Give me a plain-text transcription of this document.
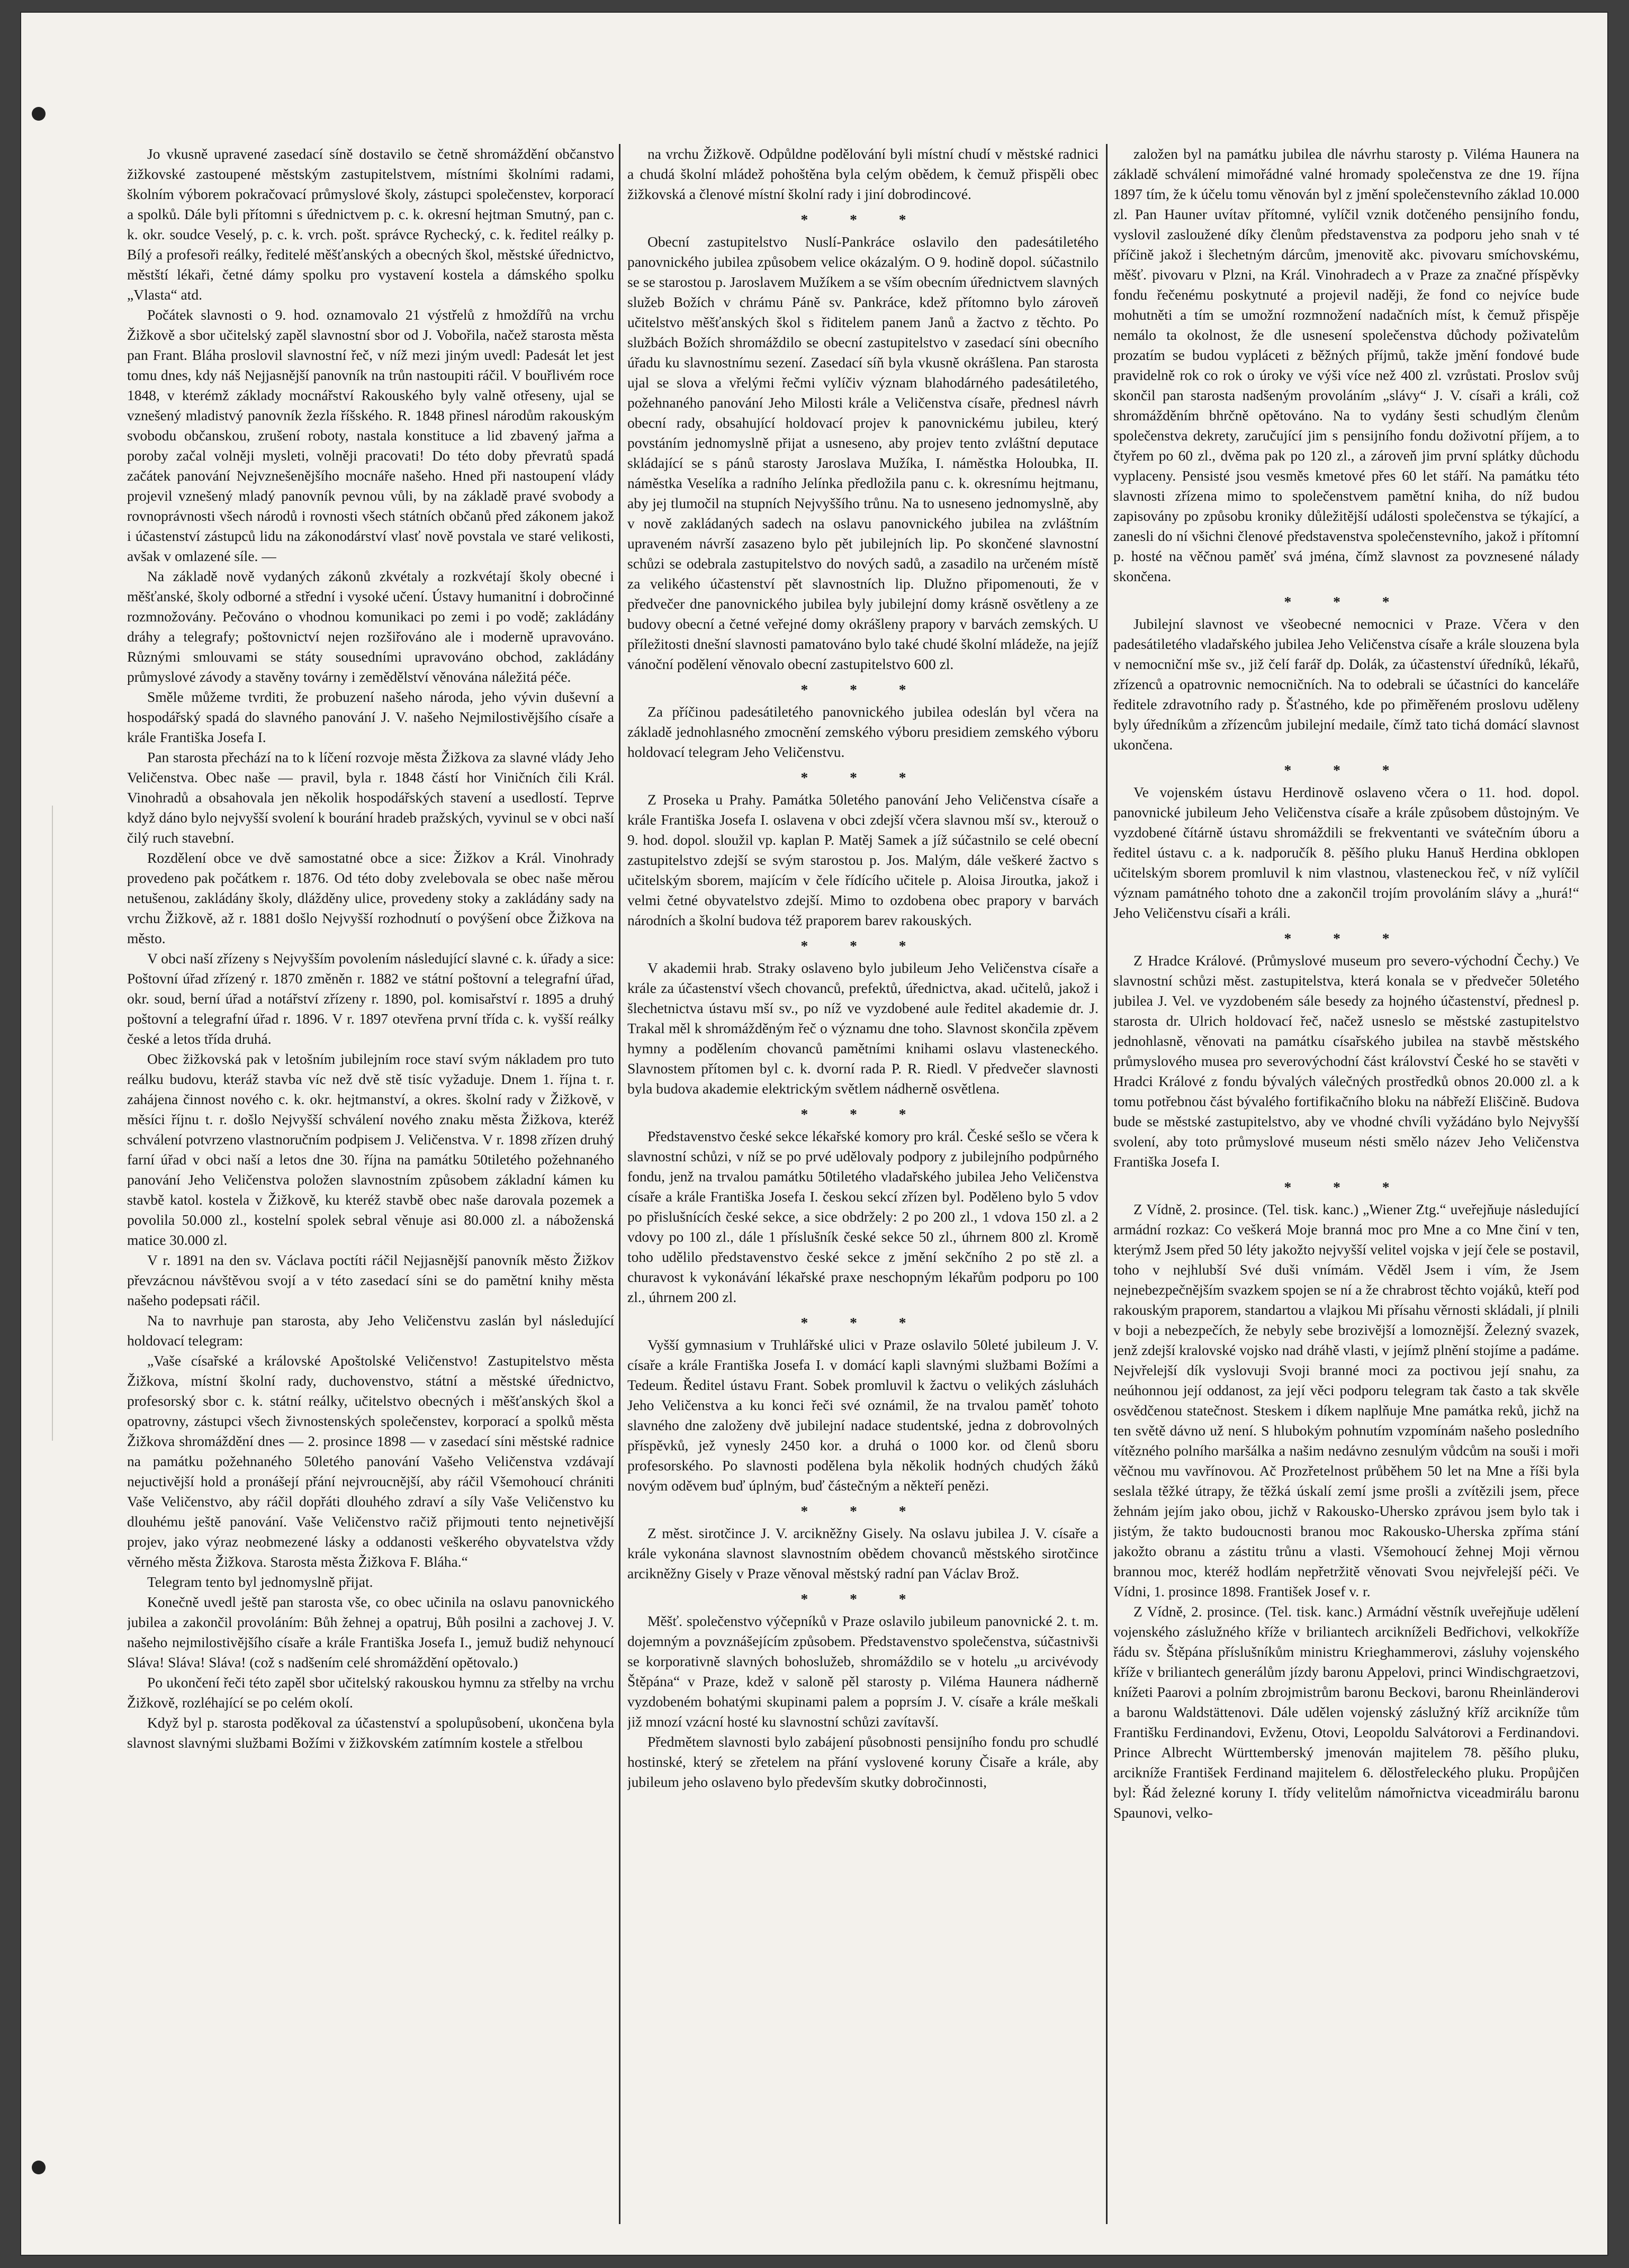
Jo vkusně upravené zasedací síně dostavilo se četně shromáždění občanstvo žižkovské zastoupené městským zastupitelstvem, místními školními radami, školním výborem pokračovací průmyslové školy, zástupci společenstev, korporací a spolků. Dále byli přítomni s úřednictvem p. c. k. okresní hejtman Smutný, pan c. k. okr. soudce Veselý, p. c. k. vrch. pošt. správce Rychecký, c. k. ředitel reálky p. Bílý a profesoři reálky, ředitelé měšťanských a obecných škol, městské úřednictvo, městští lékaři, četné dámy spolku pro vystavení kostela a dámského spolku „Vlasta“ atd.

Počátek slavnosti o 9. hod. oznamovalo 21 výstřelů z hmoždířů na vrchu Žižkově a sbor učitelský zapěl slavnostní sbor od J. Vobořila, načež starosta města pan Frant. Bláha proslovil slavnostní řeč, v níž mezi jiným uvedl: Padesát let jest tomu dnes, kdy náš Nejjasnější panovník na trůn nastoupiti ráčil. V bouřlivém roce 1848, v kterémž základy mocnářství Rakouského byly valně otřeseny, ujal se vznešený mladistvý panovník žezla říšského. R. 1848 přinesl národům rakouským svobodu občanskou, zrušení roboty, nastala konstituce a lid zbavený jařma a poroby začal volněji mysleti, volněji pracovati! Do této doby převratů spadá začátek panování Nejvznešenějšího mocnáře našeho. Hned při nastoupení vlády projevil vznešený mladý panovník pevnou vůli, by na základě pravé svobody a rovnoprávnosti všech národů i rovnosti všech státních občanů před zákonem jakož i účastenství zástupců lidu na zákonodárství vlasť nově povstala ve staré velikosti, avšak v omlazené síle. —

Na základě nově vydaných zákonů zkvétaly a rozkvétají školy obecné i měšťanské, školy odborné a střední i vysoké učení. Ústavy humanitní i dobročinné rozmnožovány. Pečováno o vhodnou komunikaci po zemi i po vodě; zakládány dráhy a telegrafy; poštovnictví nejen rozšiřováno ale i moderně upravováno. Různými smlouvami se státy sousedními upravováno obchod, zakládány průmyslové závody a stavěny továrny i zemědělství věnována náležitá péče.

Směle můžeme tvrditi, že probuzení našeho národa, jeho vývin duševní a hospodářský spadá do slavného panování J. V. našeho Nejmilostivějšího císaře a krále Františka Josefa I.

Pan starosta přechází na to k líčení rozvoje města Žižkova za slavné vlády Jeho Veličenstva. Obec naše — pravil, byla r. 1848 částí hor Viničních čili Král. Vinohradů a obsahovala jen několik hospodářských stavení a usedlostí. Teprve když dáno bylo nejvyšší svolení k bourání hradeb pražských, vyvinul se v obci naší čilý ruch stavební.

Rozdělení obce ve dvě samostatné obce a sice: Žižkov a Král. Vinohrady provedeno pak počátkem r. 1876. Od této doby zvelebovala se obec naše měrou netušenou, zakládány školy, dlážděny ulice, provedeny stoky a zakládány sady na vrchu Žižkově, až r. 1881 došlo Nejvyšší rozhodnutí o povýšení obce Žižkova na město.

V obci naší zřízeny s Nejvyšším povolením následující slavné c. k. úřady a sice: Poštovní úřad zřízený r. 1870 změněn r. 1882 ve státní poštovní a telegrafní úřad, okr. soud, berní úřad a notářství zřízeny r. 1890, pol. komisařství r. 1895 a druhý poštovní a telegrafní úřad r. 1896. V r. 1897 otevřena první třída c. k. vyšší reálky české a letos třída druhá.

Obec žižkovská pak v letošním jubilejním roce staví svým nákladem pro tuto reálku budovu, kteráž stavba víc než dvě stě tisíc vyžaduje. Dnem 1. října t. r. zahájena činnost nového c. k. okr. hejtmanství, a okres. školní rady v Žižkově, v měsíci říjnu t. r. došlo Nejvyšší schválení nového znaku města Žižkova, kteréž schválení potvrzeno vlastnoručním podpisem J. Veličenstva. V r. 1898 zřízen druhý farní úřad v obci naší a letos dne 30. října na památku 50tiletého požehnaného panování Jeho Veličenstva položen slavnostním způsobem základní kámen ku stavbě katol. kostela v Žižkově, ku kteréž stavbě obec naše darovala pozemek a povolila 50.000 zl., kostelní spolek sebral věnuje asi 80.000 zl. a náboženská matice 30.000 zl.

V r. 1891 na den sv. Václava poctíti ráčil Nejjasnější panovník město Žižkov převzácnou návštěvou svojí a v této zasedací síni se do pamětní knihy města našeho podepsati ráčil.

Na to navrhuje pan starosta, aby Jeho Veličenstvu zaslán byl následující holdovací telegram:

„Vaše císařské a královské Apoštolské Veličenstvo! Zastupitelstvo města Žižkova, místní školní rady, duchovenstvo, státní a městské úřednictvo, profesorský sbor c. k. státní reálky, učitelstvo obecných i měšťanských škol a opatrovny, zástupci všech živnostenských společenstev, korporací a spolků města Žižkova shromáždění dnes — 2. prosince 1898 — v zasedací síni městské radnice na památku požehnaného 50letého panování Vašeho Veličenstva vzdávají nejuctivější hold a pronášejí přání nejvroucnější, aby ráčil Všemohoucí chrániti Vaše Veličenstvo, aby ráčil dopřáti dlouhého zdraví a síly Vaše Veličenstvo ku dlouhému ještě panování. Vaše Veličenstvo račiž přijmouti tento nejnetivější projev, jako výraz neobmezené lásky a oddanosti veškerého obyvatelstva vždy věrného města Žižkova. Starosta města Žižkova F. Bláha.“

Telegram tento byl jednomyslně přijat.

Konečně uvedl ještě pan starosta vše, co obec učinila na oslavu panovnického jubilea a zakončil provoláním: Bůh žehnej a opatruj, Bůh posilni a zachovej J. V. našeho nejmilostivějšího císaře a krále Františka Josefa I., jemuž budiž nehynoucí Sláva! Sláva! Sláva! (což s nadšením celé shromáždění opětovalo.)

Po ukončení řeči této zapěl sbor učitelský rakouskou hymnu za střelby na vrchu Žižkově, rozléhající se po celém okolí.

Když byl p. starosta poděkoval za účastenství a spolupůsobení, ukončena byla slavnost slavnými službami Božími v žižkovském zatímním kostele a střelbou

na vrchu Žižkově. Odpůldne podělování byli místní chudí v městské radnici a chudá školní mládež pohoštěna byla celým obědem, k čemuž přispěli obec žižkovská a členové místní školní rady i jiní dobrodincové.

* * *

Obecní zastupitelstvo Nuslí-Pankráce oslavilo den padesátiletého panovnického jubilea způsobem velice okázalým. O 9. hodině dopol. súčastnilo se se starostou p. Jaroslavem Mužíkem a se vším obecním úřednictvem slavných služeb Božích v chrámu Páně sv. Pankráce, kdež přítomno bylo zároveň učitelstvo měšťanských škol s řiditelem panem Janů a žactvo z těchto. Po službách Božích shromáždilo se obecní zastupitelstvo v zasedací síni obecního úřadu ku slavnostnímu sezení. Zasedací síň byla vkusně okrášlena. Pan starosta ujal se slova a vřelými řečmi vylíčiv význam blahodárného padesátiletého, požehnaného panování Jeho Milosti krále a Veličenstva císaře, přednesl návrh obecní rady, obsahující holdovací projev k panovnickému jubileu, který povstáním jednomyslně přijat a usneseno, aby projev tento zvláštní deputace skládající se s pánů starosty Jaroslava Mužíka, I. náměstka Holoubka, II. náměstka Veselíka a radního Jelínka předložila panu c. k. okresnímu hejtmanu, aby jej tlumočil na stupních Nejvyššího trůnu. Na to usneseno jednomyslně, aby v nově zakládaných sadech na oslavu panovnického jubilea na zvláštním upraveném návrší zasazeno bylo pět jubilejních lip. Po skončené slavnostní schůzi se odebrala zastupitelstvo do nových sadů, a zasadilo na určeném místě za velikého účastenství pět slavnostních lip. Dlužno připomenouti, že v předvečer dne panovnického jubilea byly jubilejní domy krásně osvětleny a ze budovy obecní a četné veřejné domy okrášleny prapory v barvách zemských. U příležitosti dnešní slavnosti pamatováno bylo také chudé školní mládeže, na jejíž vánoční podělení věnovalo obecní zastupitelstvo 600 zl.

* * *

Za příčinou padesátiletého panovnického jubilea odeslán byl včera na základě jednohlasného zmocnění zemského výboru presidiem zemského výboru holdovací telegram Jeho Veličenstvu.

* * *

Z Proseka u Prahy. Památka 50letého panování Jeho Veličenstva císaře a krále Františka Josefa I. oslavena v obci zdejší včera slavnou mší sv., kterouž o 9. hod. dopol. sloužil vp. kaplan P. Matěj Samek a jíž súčastnilo se celé obecní zastupitelstvo zdejší se svým starostou p. Jos. Malým, dále veškeré žactvo s učitelským sborem, majícím v čele řídícího učitele p. Aloisa Jiroutka, jakož i velmi četné obyvatelstvo zdejší. Mimo to ozdobena obec prapory v barvách národních a školní budova též praporem barev rakouských.

* * *

V akademii hrab. Straky oslaveno bylo jubileum Jeho Veličenstva císaře a krále za účastenství všech chovanců, prefektů, úřednictva, akad. učitelů, jakož i šlechetnictva ústavu mší sv., po níž ve vyzdobené aule ředitel akademie dr. J. Trakal měl k shromážděným řeč o významu dne toho. Slavnost skončila zpěvem hymny a podělením chovanců pamětními knihami oslavu vlasteneckého. Slavnostem přítomen byl c. k. dvorní rada P. R. Riedl. V předvečer slavnosti byla budova akademie elektrickým světlem nádherně osvětlena.

* * *

Představenstvo české sekce lékařské komory pro král. České sešlo se včera k slavnostní schůzi, v níž se po prvé udělovaly podpory z jubilejního podpůrného fondu, jenž na trvalou památku 50tiletého vladařského jubilea Jeho Veličenstva císaře a krále Františka Josefa I. českou sekcí zřízen byl. Podělenо bylo 5 vdov po přislušnících české sekce, a sice obdržely: 2 po 200 zl., 1 vdova 150 zl. a 2 vdovy po 100 zl., dále 1 příslušník české sekce 50 zl., úhrnem 800 zl. Kromě toho udělilo představenstvo české sekce z jmění sekčního 2 po stě zl. a churavost k vykonávání lékařské praxe neschopným lékařům podporu po 100 zl., úhrnem 200 zl.

* * *

Vyšší gymnasium v Truhlářské ulici v Praze oslavilo 50leté jubileum J. V. císaře a krále Františka Josefa I. v domácí kapli slavnými službami Božími a Tedeum. Ředitel ústavu Frant. Sobek promluvil k žactvu o velikých zásluhách Jeho Veličenstva a ku konci řeči své oznámil, že na trvalou paměť tohoto slavného dne založeny dvě jubilejní nadace studentské, jedna z dobrovolných příspěvků, jež vynesly 2450 kor. a druhá o 1000 kor. od členů sboru profesorského. Po slavnosti podělena byla několik hodných chudých žáků novým oděvem buď úplným, buď částečným a někteří penězi.

* * *

Z měst. sirotčince J. V. arcikněžny Gisely. Na oslavu jubilea J. V. císaře a krále vykonána slavnost slavnostním obědem chovanců městského sirotčince arcikněžny Gisely v Praze věnoval městský radní pan Václav Brož.

* * *

Měšť. společenstvo výčepníků v Praze oslavilo jubileum panovnické 2. t. m. dojemným a povznášejícím způsobem. Představenstvo společenstva, súčastnivši se korporativně slavných bohoslužeb, shromáždilo se v hotelu „u arcivévody Štěpána“ v Praze, kdež v saloně pěl starosty p. Viléma Haunera nádherně vyzdobeném bohatými skupinami palem a poprsím J. V. císaře a krále meškali již mnozí vzácní hosté ku slavnostní schůzi zavítavší.

Předmětem slavnosti bylo zabájení působnosti pensijního fondu pro schudlé hostinské, který se zřetelem na přání vyslovené koruny Čisaře a krále, aby jubileum jeho oslaveno bylo především skutky dobročinnosti,

založen byl na památku jubilea dle návrhu starosty p. Viléma Haunera na základě schválení mimořádné valné hromady společenstva ze dne 19. října 1897 tím, že k účelu tomu věnován byl z jmění společenstevního základ 10.000 zl. Pan Hauner uvítav přítomné, vylíčil vznik dotčeného pensijního fondu, vyslovil zasloužené díky členům představenstva za podporu jeho snah v té příčině jakož i šlechetným dárcům, jmenovitě akc. pivovaru smíchovskému, měšť. pivovaru v Plzni, na Král. Vinohradech a v Praze za značné příspěvky fondu řečenému poskytnuté a projevil naději, že fond co nejvíce bude mohutněti a tím se umožní rozmnožení nadačních míst, k čemuž přispěje nemálo ta okolnost, že dle usnesení společenstva důchody poživatelům prozatím se budou vypláceti z běžných příjmů, takže jmění fondové bude pravidelně rok co rok o úroky ve výši více než 400 zl. vzrůstati. Proslov svůj skončil pan starosta nadšeným provoláním „slávy“ J. V. císaři a králi, což shromážděním bhrčně opětováno. Na to vydány šesti schudlým členům společenstva dekrety, zaručující jim s pensijního fondu doživotní příjem, a to čtyřem po 60 zl., dvěma pak po 120 zl., a zároveň jim první splátky důchodu vyplaceny. Pensisté jsou vesměs kmetové přes 60 let stáří. Na památku této slavnosti zřízena mimo to společenstvem pamětní kniha, do níž budou zapisovány po způsobu kroniky důležitější události společenstva se týkající, a zanesli do ní všichni členové představenstva společenstevního, jakož i přítomní p. hosté na věčnou paměť svá jména, čímž slavnost za povznesené nálady skončena.

* * *

Jubilejní slavnost ve všeobecné nemocnici v Praze. Včera v den padesátiletého vladařského jubilea Jeho Veličenstva císaře a krále slouzena byla v nemocniční mše sv., již čelí farář dp. Dolák, za účastenství úředníků, lékařů, zřízenců a opatrovnic nemocničních. Na to odebrali se účastníci do kanceláře ředitele zdravotního rady p. Šťastného, kde po přiměřeném proslovu uděleny byly úředníkům a zřízencům jubilejní medaile, čímž tato tichá domácí slavnost ukončena.

* * *

Ve vojenském ústavu Herdinově oslaveno včera o 11. hod. dopol. panovnické jubileum Jeho Veličenstva císaře a krále způsobem důstojným. Ve vyzdobené čítárně ústavu shromáždili se frekventanti ve svátečním úboru a ředitel ústavu c. a k. nadporučík 8. pěšího pluku Hanuš Herdina obklopen učitelským sborem promluvil k nim vlastnou, vlasteneckou řeč, v níž vylíčil význam památného tohoto dne a zakončil trojím provoláním slávy a „hurá!“ Jeho Veličenstvu císaři a králi.

* * *

Z Hradce Králové. (Průmyslové museum pro severo-východní Čechy.) Ve slavnostní schůzi měst. zastupitelstva, která konala se v předvečer 50letého jubilea J. Vel. ve vyzdobeném sále besedy za hojného účastenství, přednesl p. starosta dr. Ulrich holdovací řeč, načež usneslo se městské zastupitelstvo jednohlasně, věnovati na památku císařského jubilea na stavbě městského průmyslového musea pro severovýchodní část království České ho se stavěti v Hradci Králové z fondu bývalých válečných prostředků obnos 20.000 zl. a k tomu potřebnou část bývalého fortifikačního bloku na nábřeží Eliščině. Budova bude se městské zastupitelstvo, aby ve vhodné chvíli vyžádáno bylo Nejvyšší svolení, aby toto průmyslové museum nésti smělo název Jeho Veličenstva Františka Josefa I.

* * *

Z Vídně, 2. prosince. (Tel. tisk. kanc.) „Wiener Ztg.“ uveřejňuje následující armádní rozkaz: Co veškerá Moje branná moc pro Mne a co Mne činí v ten, kterýmž Jsem před 50 léty jakožto nejvyšší velitel vojska v její čele se postavil, toho v nejhlubší Své duši vnímám. Věděl Jsem i vím, že Jsem nejnebezpečnějším svazkem spojen se ní a že chrabrost těchto vojáků, kteří pod rakouským praporem, standartou a vlajkou Mi přísahu věrnosti skládali, jí plnili v boji a nebezpečích, že nebyly sebe brozivější a lomoznější. Železný svazek, jenž zdejší kralovské vojsko nad dráhě vlasti, v jejímž plnění stojíme a padáme. Nejvřelejší dík vyslovuji Svoji branné moci za poctivou její snahu, za neúhonnou její oddanost, za její věci podporu telegram tak často a tak skvěle osvědčenou statečnost. Steskem i díkem naplňuje Mne památka reků, jichž na ten světě dávno už není. S hlubokým pohnutím vzpomínám našeho posledního vítězného polního maršálka a našim nedávno zesnulým vůdcům na souši i moři věčnou mu vavřínovou. Ač Prozřetelnost průběhem 50 let na Mne a říši byla seslala těžké útrapy, že těžká úskalí zemí jsme prošli a zvítězili jsem, přece žehnám jejím jako obou, jichž v Rakousko-Uhersko zprávou jsem bylo tak i jistým, že takto budoucnosti branou moc Rakousko-Uherska zpříma stání jakožto obranu a zástitu trůnu a vlasti. Všemohoucí žehnej Moji věrnou brannou moc, kteréž hodlám nepřetržitě věnovati Svou nejvřelejší péči. Ve Vídni, 1. prosince 1898. František Josef v. r.

Z Vídně, 2. prosince. (Tel. tisk. kanc.) Armádní věstník uveřejňuje udělení vojenského záslužného kříže v briliantech arcikníželi Bedřichovi, velkokříže řádu sv. Štěpána příslušníkům ministru Krieghammerovi, zásluhy vojenského kříže v briliantech generálům jízdy baronu Appelovi, princi Windischgraetzovi, knížeti Paarovi a polním zbrojmistrům baronu Beckovi, baronu Rheinländerovi a baronu Waldstättenovi. Dále udělen vojenský záslužný kříž arcikníže tům Františku Ferdinandovi, Evženu, Otovi, Leopoldu Salvátorovi a Ferdinandovi. Prince Albrecht Württemberský jmenován majitelem 78. pěšího pluku, arcikníže František Ferdinand majitelem 6. dělostřeleckého pluku. Propůjčen byl: Řád železné koruny I. třídy velitelům námořnictva viceadmirálu baronu Spaunovi, velko-
